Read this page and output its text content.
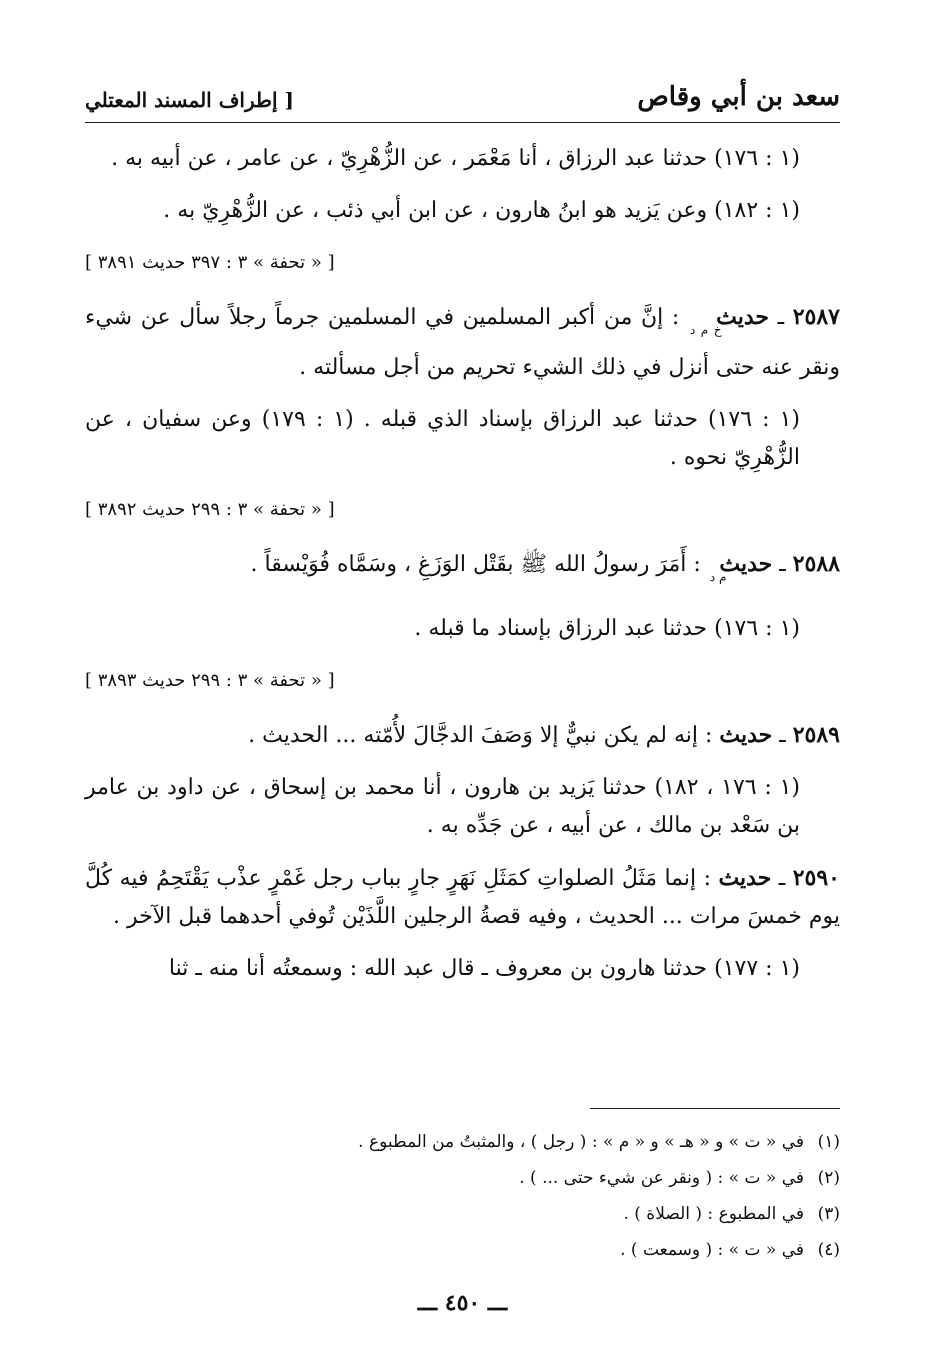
سعد بن أبي وقاص
[ إطراف المسند المعتلي

(١ : ١٧٦) حدثنا عبد الرزاق ، أنا مَعْمَر ، عن الزُّهْرِيّ ، عن عامر ، عن أبيه به .

(١ : ١٨٢) وعن يَزيد هو ابنُ هارون ، عن ابن أبي ذئب ، عن الزُّهْرِيّ به .

[ « تحفة » ٣ : ٣٩٧ حديث ٣٨٩١ ]

٢٥٨٧ ـ حديث $_{خ م د}$ : إنَّ من أكبر المسلمين في المسلمين جرماً رجلاً سأل عن شيء ونقر عنه حتى أنزل في ذلك الشيء تحريم من أجل مسألته .

(١ : ١٧٦) حدثنا عبد الرزاق بإسناد الذي قبله . (١ : ١٧٩) وعن سفيان ، عن الزُّهْرِيّ نحوه .

[ « تحفة » ٣ : ٢٩٩ حديث ٣٨٩٢ ]

٢٥٨٨ ـ حديث $_{م د}$ : أَمَرَ رسولُ الله ﷺ بقَتْل الوَزَغِ ، وسَمَّاه فُوَيْسقاً .

(١ : ١٧٦) حدثنا عبد الرزاق بإسناد ما قبله .

[ « تحفة » ٣ : ٢٩٩ حديث ٣٨٩٣ ]

٢٥٨٩ ـ حديث : إنه لم يكن نبيٌّ إلا وَصَفَ الدجَّالَ لأُمّته ... الحديث .

(١ : ١٧٦ ، ١٨٢) حدثنا يَزيد بن هارون ، أنا محمد بن إسحاق ، عن داود بن عامر بن سَعْد بن مالك ، عن أبيه ، عن جَدِّه به .

٢٥٩٠ ـ حديث : إنما مَثَلُ الصلواتِ كمَثَلِ نَهَرٍ جارٍ بباب رجل غَمْرٍ عذْب يَقْتَحِمُ فيه كُلَّ يوم خمسَ مرات ... الحديث ، وفيه قصةُ الرجلين اللَّذَيْن تُوفي أحدهما قبل الآخر .

(١ : ١٧٧) حدثنا هارون بن معروف ـ قال عبد الله : وسمعتُه أنا منه ـ ثنا

(١)في « ت » و « هـ » و « م » : ( رجل ) ، والمثبتُ من المطبوع .

(٢)في « ت » : ( ونقر عن شيء حتى ... ) .

(٣)في المطبوع : ( الصلاة ) .

(٤)في « ت » : ( وسمعت ) .

ـــ ٤٥٠ ـــ
